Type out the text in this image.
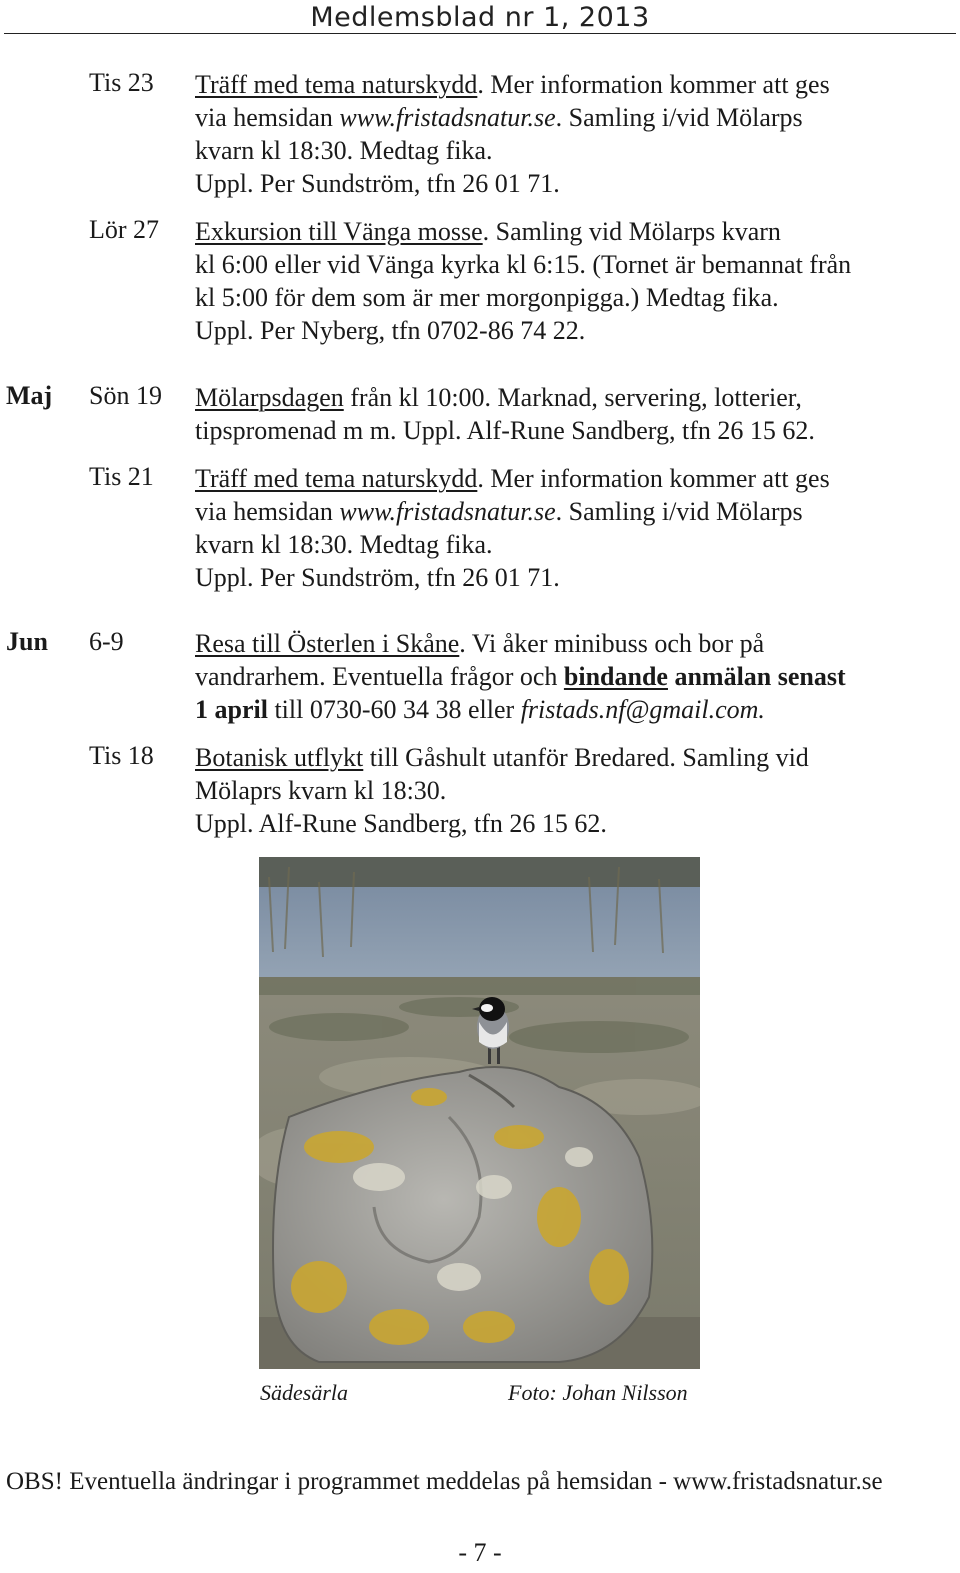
Medlemsblad nr 1, 2013
Tis 23 Träff med tema naturskydd. Mer information kommer att ges
via hemsidan www.fristadsnatur.se. Samling i/vid Mölarps
kvarn kl 18:30. Medtag fika.
Uppl. Per Sundström, tfn 26 01 71.
Lör 27 Exkursion till Vänga mosse. Samling vid Mölarps kvarn
kl 6:00 eller vid Vänga kyrka kl 6:15. (Tornet är bemannat från
kl 5:00 för dem som är mer morgonpigga.) Medtag fika.
Uppl. Per Nyberg, tfn 0702-86 74 22.
Maj Sön 19 Mölarpsdagen från kl 10:00. Marknad, servering, lotterier,
tipspromenad m m. Uppl. Alf-Rune Sandberg, tfn 26 15 62.
Tis 21 Träff med tema naturskydd. Mer information kommer att ges
via hemsidan www.fristadsnatur.se. Samling i/vid Mölarps
kvarn kl 18:30. Medtag fika.
Uppl. Per Sundström, tfn 26 01 71.
Jun 6-9	Resa till Österlen i Skåne. Vi åker minibuss och bor på
vandrarhem. Eventuella frågor och bindande anmälan senast
1 april till 0730-60 34 38 eller fristads.nf@gmail.com.
Tis 18 Botanisk utflykt till Gåshult utanför Bredared. Samling vid
Mölaprs kvarn kl 18:30.
Uppl. Alf-Rune Sandberg, tfn 26 15 62.
Sädesärla	Foto: Johan Nilsson
OBS! Eventuella ändringar i programmet meddelas på hemsidan - www.fristadsnatur.se
- 7 -
